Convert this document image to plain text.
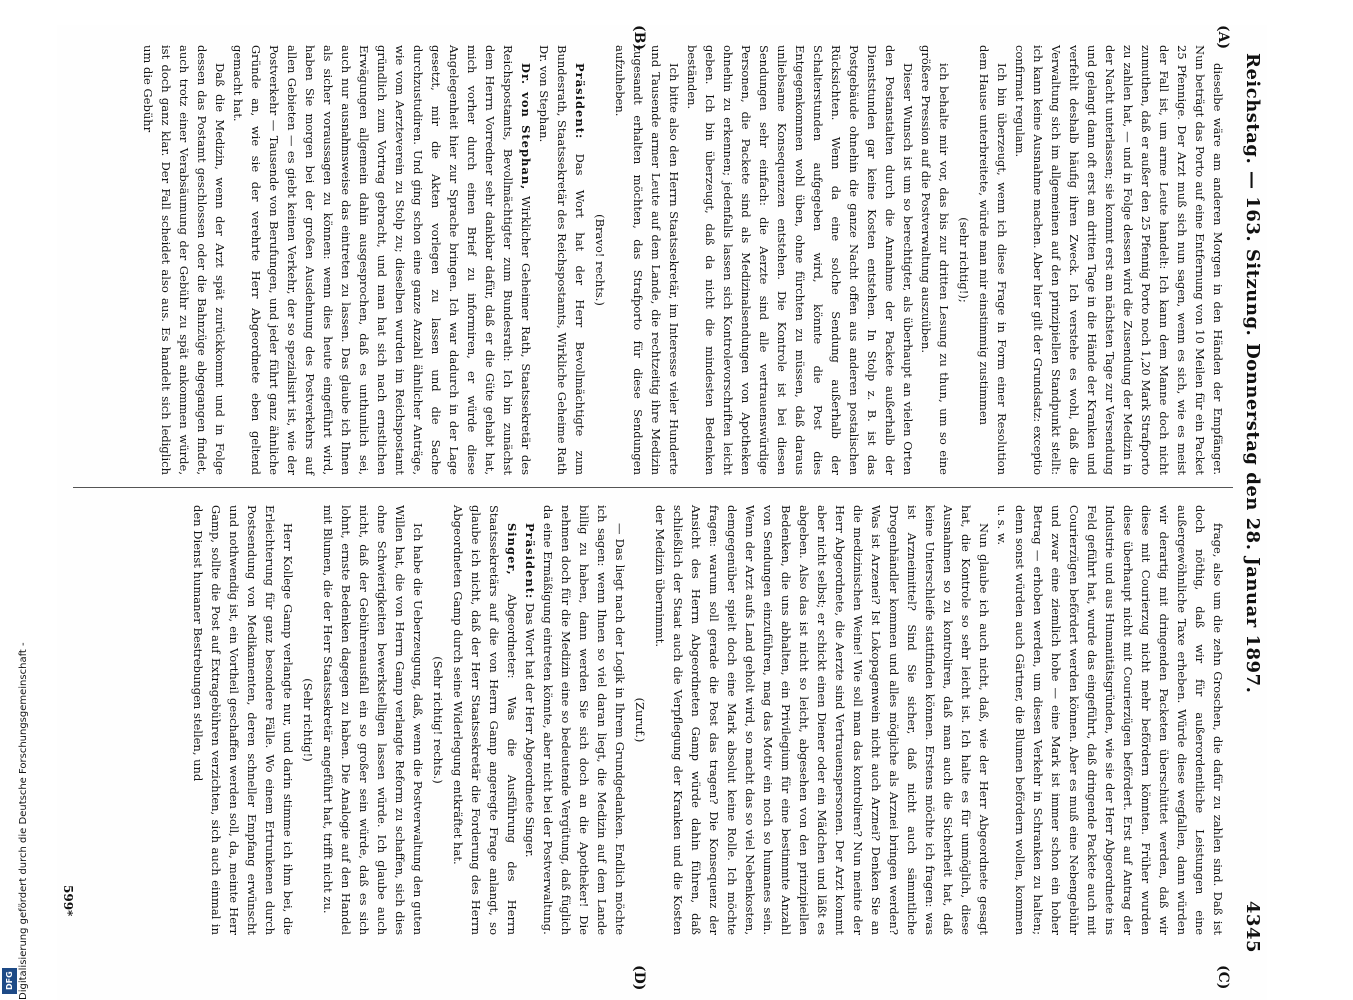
Digitalisierung gefördert durch die Deutsche Forschungsgemeinschaft -
DFG
Reichstag. — 163. Sitzung. Donnerstag den 28. Januar 1897.
4345
(A)
(B)
(C)
(D)

dieselbe wäre am anderen Morgen in den Händen der Empfänger. Nun beträgt das Porto auf eine Entfernung von 10 Meilen für ein Packet 25 Pfennige. Der Arzt muß sich nun sagen, wenn es sich, wie es meist der Fall ist, um arme Leute handelt: Ich kann dem Manne doch nicht zumuthen, daß er außer den 25 Pfennig Porto noch 1,20 Mark Strafporto zu zahlen hat, — und in Folge dessen wird die Zusendung der Medizin in der Nacht unterlassen; sie kommt erst am nächsten Tage zur Versendung und gelangt dann oft erst am dritten Tage in die Hände der Kranken und verfehlt deshalb häufig ihren Zweck. Ich verstehe es wohl, daß die Verwaltung sich im allgemeinen auf den prinzipiellen Standpunkt stellt: ich kann keine Ausnahme machen. Aber hier gilt der Grundsatz: exceptio confirmat regulam.

Ich bin überzeugt, wenn ich diese Frage in Form einer Resolution dem Hause unterbreitete, würde man mir einstimmig zustimmen

(sehr richtig!);

ich behalte mir vor, das bis zur dritten Lesung zu thun, um so eine größere Pression auf die Postverwaltung auszuüben.

Dieser Wunsch ist um so berechtigter, als überhaupt an vielen Orten den Postanstalten durch die Annahme der Packete außerhalb der Dienststunden gar keine Kosten entstehen. In Stolp z. B. ist das Postgebäude ohnehin die ganze Nacht offen aus anderen postalischen Rücksichten. Wenn da eine solche Sendung außerhalb der Schalterstunden aufgegeben wird, könnte die Post dies Entgegenkommen wohl üben, ohne fürchten zu müssen, daß daraus unliebsame Konsequenzen entstehen. Die Kontrole ist bei diesen Sendungen sehr einfach: die Aerzte sind alle vertrauenswürdige Personen, die Packete sind als Medizinalsendungen von Apotheken ohnehin zu erkennen; jedenfalls lassen sich Kontrolevorschriften leicht geben. Ich bin überzeugt, daß da nicht die mindesten Bedenken beständen.

Ich bitte also den Herrn Staatssekretär, im Interesse vieler Hunderte und Tausende armer Leute auf dem Lande, die rechtzeitig ihre Medizin zugesandt erhalten möchten, das Strafporto für diese Sendungen aufzuheben.

(Bravo! rechts.)

Präsident: Das Wort hat der Herr Bevollmächtigte zum Bundesrath, Staatssekretär des Reichspostamts, Wirkliche Geheime Rath Dr. von Stephan.

Dr. von Stephan, Wirklicher Geheimer Rath, Staatssekretär des Reichspostamts, Bevollmächtigter zum Bundesrath: Ich bin zunächst dem Herrn Vorredner sehr dankbar dafür, daß er die Güte gehabt hat, mich vorher durch einen Brief zu informiren, er würde diese Angelegenheit hier zur Sprache bringen. Ich war dadurch in der Lage gesetzt, mir die Akten vorlegen zu lassen und die Sache durchzustudiren. Und ging schon eine ganze Anzahl ähnlicher Anträge, wie vom Aerzteverein zu Stolp zu; dieselben wurden im Reichspostamt gründlich zum Vortrag gebracht, und man hat sich nach ernstlichen Erwägungen allgemein dahin ausgesprochen, daß es unthunlich sei, auch nur ausnahmsweise das eintreten zu lassen. Das glaube ich Ihnen als sicher voraussagen zu können: wenn dies heute eingeführt wird, haben Sie morgen bei der großen Ausdehnung des Postverkehrs auf allen Gebieten — es giebt keinen Verkehr, der so spezialisirt ist, wie der Postverkehr — Tausende von Berufungen, und jeder führt ganz ähnliche Gründe an, wie sie der verehrte Herr Abgeordnete eben geltend gemacht hat.

Daß die Medizin, wenn der Arzt spät zurückkommt und in Folge dessen das Postamt geschlossen oder die Bahnzüge abgegangen findet, auch trotz einer Verabsäumung der Gebühr zu spät ankommen würde, ist doch ganz klar. Der Fall scheidet also aus. Es handelt sich lediglich um die Gebühr

frage, also um die zehn Groschen, die dafür zu zahlen sind. Daß ist doch nöthig, daß wir für außerordentliche Leistungen eine außergewöhnliche Taxe erheben. Würde diese wegfallen, dann würden wir derartig mit dringenden Packeten überschüttet werden, daß wir diese mit Courierzug nicht mehr befördern könnten. Früher wurden diese überhaupt nicht mit Courierzügen befördert. Erst auf Antrag der Industrie und aus Humanitätsgründen, wie sie der Herr Abgeordnete ins Feld geführt hat, wurde das eingeführt, daß dringende Packete auch mit Courierzügen befördert werden können. Aber es muß eine Nebengebühr und zwar eine ziemlich hohe — eine Mark ist immer schon ein hoher Betrag — erhoben werden, um diesen Verkehr in Schranken zu halten; denn sonst würden auch Gärtner, die Blumen befördern wollen, kommen u. s. w.

Nun glaube ich auch nicht, daß, wie der Herr Abgeordnete gesagt hat, die Kontrole so sehr leicht ist. Ich halte es für unmöglich, diese Ausnahmen so zu kontroliren, daß man auch die Sicherheit hat, daß keine Unterschleife stattfinden können. Erstens möchte ich fragen: was ist Arzneimittel? Sind Sie sicher, daß nicht auch sämmtliche Drogenhändler kommen und alles mögliche als Arznei bringen werden? Was ist Arzenei? Ist Lokopagenwein nicht auch Arznei? Denken Sie an die medizinischen Weine! Wie soll man das kontroliren? Nun meinte der Herr Abgeordnete, die Aerzte sind Vertrauenspersonen. Der Arzt kommt aber nicht selbst; er schickt einen Diener oder ein Mädchen und läßt es abgeben. Also das ist nicht so leicht, abgesehen von den prinzipiellen Bedenken, die uns abhalten, ein Privilegium für eine bestimmte Anzahl von Sendungen einzuführen, mag das Motiv ein noch so humanes sein. Wenn der Arzt aufs Land geholt wird, so macht das so viel Nebenkosten, demgegenüber spielt doch eine Mark absolut keine Rolle. Ich möchte fragen: warum soll gerade die Post das tragen? Die Konsequenz der Ansicht des Herrn Abgeordneten Gamp würde dahin führen, daß schließlich der Staat auch die Verpflegung der Kranken und die Kosten der Medizin übernimmt.

(Zuruf.)

— Das liegt nach der Logik in Ihrem Grundgedanken. Endlich möchte ich sagen: wenn Ihnen so viel daran liegt, die Medizin auf dem Lande billig zu haben, dann werden Sie sich doch an die Apotheker! Die nehmen doch für die Medizin eine so bedeutende Vergütung, daß füglich da eine Ermäßigung eintreten könnte, aber nicht bei der Postverwaltung.

Präsident: Das Wort hat der Herr Abgeordnete Singer.

Singer, Abgeordneter: Was die Ausführung des Herrn Staatssekretärs auf die von Herrn Gamp angeregte Frage anlangt, so glaube ich nicht, daß der Herr Staatssekretär die Forderung des Herrn Abgeordneten Gamp durch seine Widerlegung entkräftet hat.

(Sehr richtig! rechts.)

Ich habe die Ueberzeugung, daß, wenn die Postverwaltung den guten Willen hat, die von Herrn Gamp verlangte Reform zu schaffen, sich dies ohne Schwierigkeiten bewerkstelligen lassen würde. Ich glaube auch nicht, daß der Gebührenausfall ein so großer sein würde, daß es sich lohnt, ernste Bedenken dagegen zu haben. Die Analogie auf den Handel mit Blumen, die der Herr Staatssekretär angeführt hat, trifft nicht zu.

(Sehr richtig!)

Herr Kollege Gamp verlangte nur, und darin stimme ich ihm bei, die Erleichterung für ganz besondere Fälle. Wo einem Ertrunkenen durch Postsendung von Medikamenten, deren schneller Empfang erwünscht und nothwendig ist, ein Vortheil geschaffen werden soll, da, meinte Herr Gamp, sollte die Post auf Extragebühren verzichten, sich auch einmal in den Dienst humaner Bestrebungen stellen, und

599*
